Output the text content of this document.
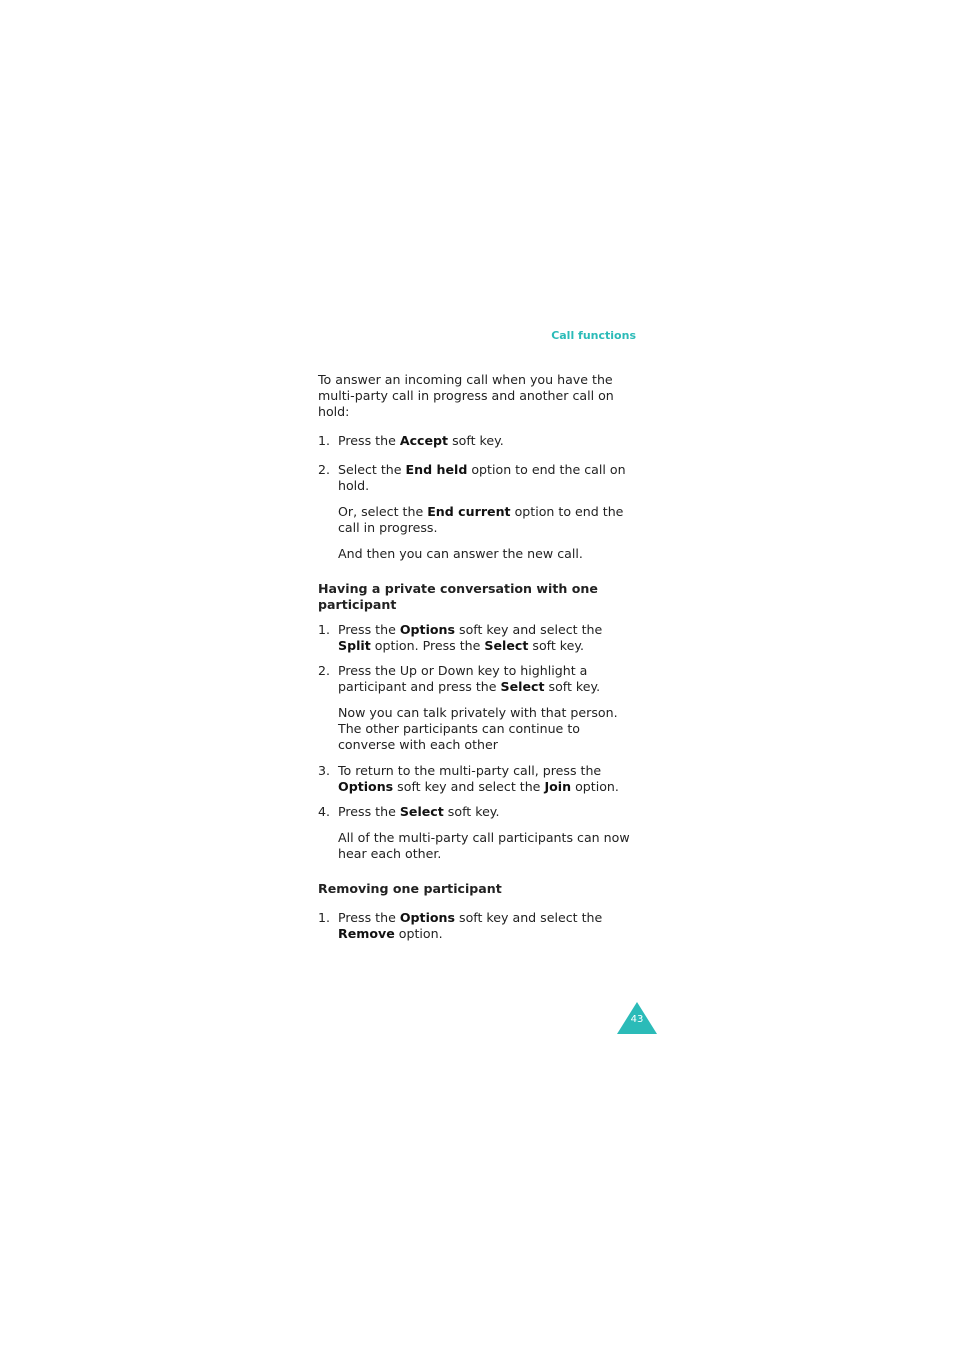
Call functions

To answer an incoming call when you have the multi-party call in progress and another call on hold:

1. Press the Accept soft key.
2. Select the End held option to end the call on hold.

Or, select the End current option to end the call in progress.

And then you can answer the new call.

Having a private conversation with one participant

1. Press the Options soft key and select the Split option. Press the Select soft key.
2. Press the Up or Down key to highlight a participant and press the Select soft key.

Now you can talk privately with that person. The other participants can continue to converse with each other

3. To return to the multi-party call, press the Options soft key and select the Join option.
4. Press the Select soft key.

All of the multi-party call participants can now hear each other.

Removing one participant

1. Press the Options soft key and select the Remove option.
43
